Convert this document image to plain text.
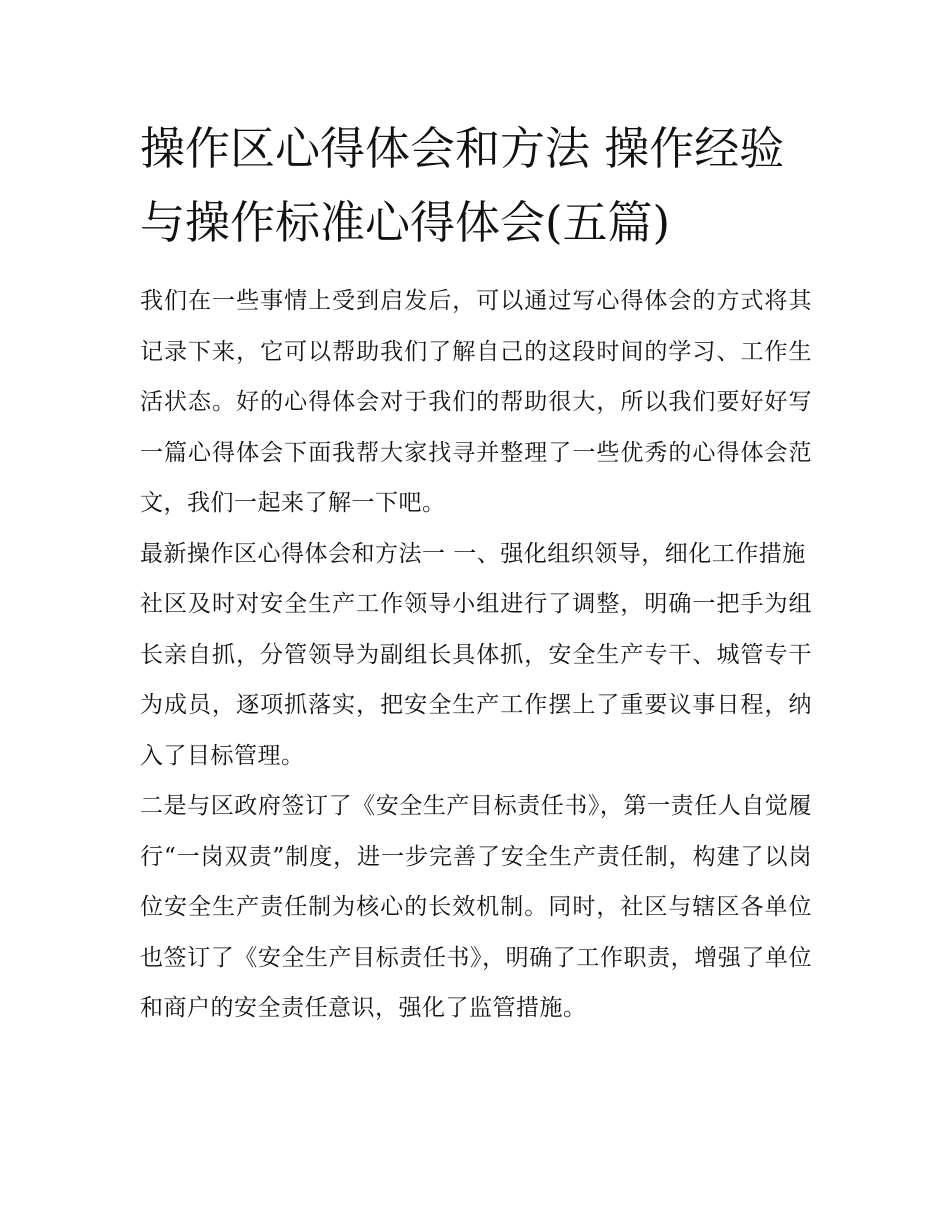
操作区心得体会和方法 操作经验与操作标准心得体会(五篇)

我们在一些事情上受到启发后，可以通过写心得体会的方式将其记录下来，它可以帮助我们了解自己的这段时间的学习、工作生活状态。好的心得体会对于我们的帮助很大，所以我们要好好写一篇心得体会下面我帮大家找寻并整理了一些优秀的心得体会范文，我们一起来了解一下吧。

最新操作区心得体会和方法一 一、强化组织领导，细化工作措施

社区及时对安全生产工作领导小组进行了调整，明确一把手为组长亲自抓，分管领导为副组长具体抓，安全生产专干、城管专干为成员，逐项抓落实，把安全生产工作摆上了重要议事日程，纳入了目标管理。

二是与区政府签订了《安全生产目标责任书》，第一责任人自觉履行“一岗双责”制度，进一步完善了安全生产责任制，构建了以岗位安全生产责任制为核心的长效机制。同时，社区与辖区各单位也签订了《安全生产目标责任书》，明确了工作职责，增强了单位和商户的安全责任意识，强化了监管措施。
